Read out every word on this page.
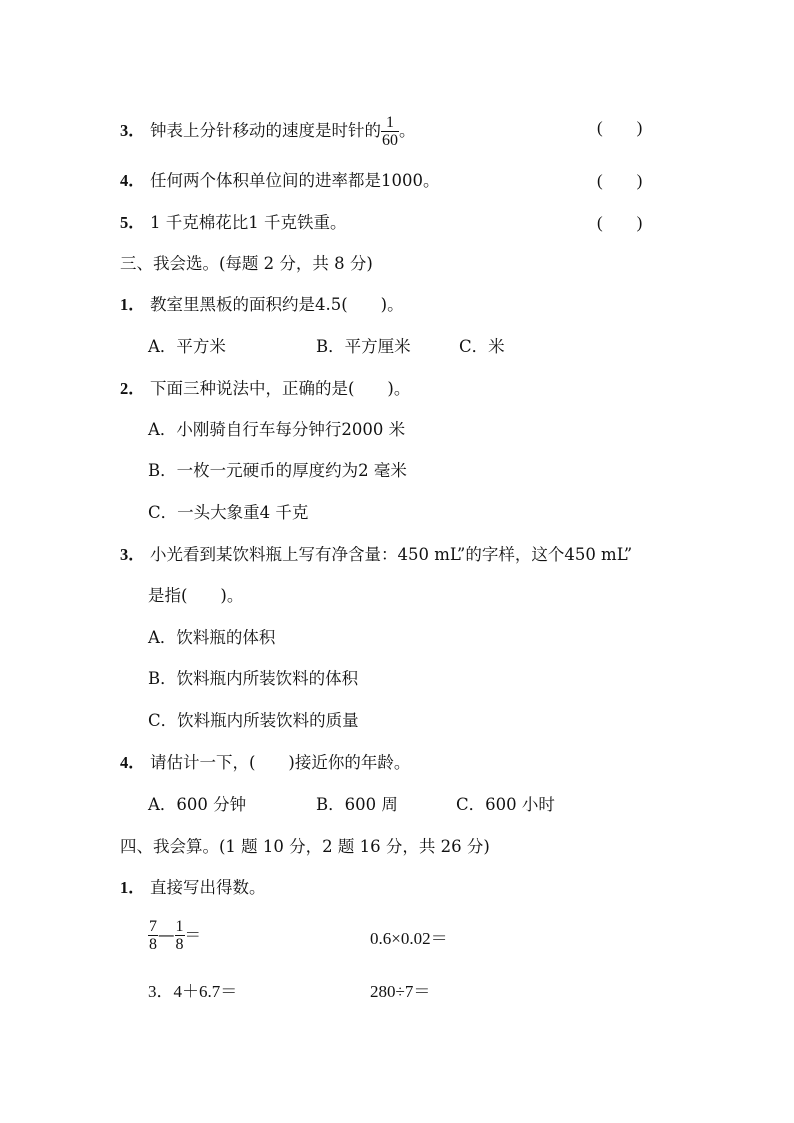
3． 钟表上分针移动的速度是时针的 $\frac{1}{60}$ 。	(　　)
4． 任何两个体积单位间的进率都是1000。	(　　)
5． 1 千克棉花比1 千克铁重。	(　　)
三、我会选。(每题 2 分，共 8 分)
1． 教室里黑板的面积约是4.5(　　)。
A．平方米	B．平方厘米	C．米
2． 下面三种说法中，正确的是(　　)。
A．小刚骑自行车每分钟行2000 米
B．一枚一元硬币的厚度约为2 毫米
C．一头大象重4 千克
3． 小光看到某饮料瓶上写有净含量：450 mL”的字样，这个450 mL”
是指(　　)。
A．饮料瓶的体积
B．饮料瓶内所装饮料的体积
C．饮料瓶内所装饮料的质量
4． 请估计一下，(　　)接近你的年龄。
A．600 分钟	B．600 周	C．600 小时
四、我会算。(1 题 10 分，2 题 16 分，共 26 分)
1． 直接写出得数。
$\frac{7}{8}$ — $\frac{1}{8}$ ＝	0.6×0.02＝
3．4＋6.7＝	280÷7＝
